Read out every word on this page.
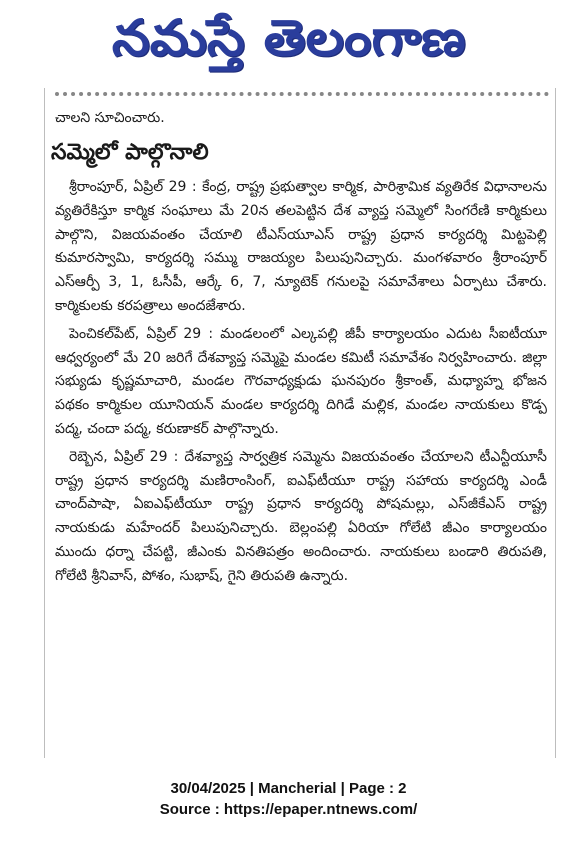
నమస్తే తెలంగాణ
చాలని సూచించారు.
సమ్మెలో పాల్గొనాలి

శ్రీరాంపూర్, ఏప్రిల్ 29 : కేంద్ర, రాష్ట్ర ప్రభుత్వాల కార్మిక, పారిశ్రామిక వ్యతిరేక విధానాలను వ్యతిరేకిస్తూ కార్మిక సంఘాలు మే 20న తలపెట్టిన దేశ వ్యాప్త సమ్మెలో సింగరేణి కార్మికులు పాల్గొని, విజయవంతం చేయాలి టీఎస్‌యూఎస్ రాష్ట్ర ప్రధాన కార్యదర్శి మిట్టపెల్లి కుమారస్వామి, కార్యదర్శి సమ్ము రాజయ్యల పిలుపునిచ్చారు. మంగళవారం శ్రీరాంపూర్ ఎస్ఆర్పీ 3, 1, ఓసీపీ, ఆర్కే 6, 7, న్యూటెక్ గనులపై సమావేశాలు ఏర్పాటు చేశారు. కార్మికులకు కరపత్రాలు అందజేశారు.

పెంచికల్‌పేట్, ఏప్రిల్ 29 : మండలంలో ఎల్కపల్లి జీపీ కార్యాలయం ఎదుట సీఐటీయూ ఆధ్వర్యంలో మే 20 జరిగే దేశవ్యాప్త సమ్మెపై మండల కమిటీ సమావేశం నిర్వహించారు. జిల్లా సభ్యుడు కృష్ణమాచారి, మండల గౌరవాధ్యక్షుడు ఘనపురం శ్రీకాంత్, మధ్యాహ్న భోజన పథకం కార్మికుల యూనియన్ మండల కార్యదర్శి దిగిడే మల్లిక, మండల నాయకులు కొడ్ప పద్మ, చందా పద్మ, కరుణాకర్ పాల్గొన్నారు.

రెబ్బెన, ఏప్రిల్ 29 : దేశవ్యాప్త సార్వత్రిక సమ్మెను విజయవంతం చేయాలని టీఎన్టీయూసీ రాష్ట్ర ప్రధాన కార్యదర్శి మణిరాంసింగ్, ఐఎఫ్‌టీయూ రాష్ట్ర సహాయ కార్యదర్శి ఎండీ చాంద్‌పాషా, ఏఐఎఫ్‌టీయూ రాష్ట్ర ప్రధాన కార్యదర్శి పోషమల్లు, ఎస్‌జీకేఎస్ రాష్ట్ర నాయకుడు మహేందర్ పిలుపునిచ్చారు. బెల్లంపల్లి ఏరియా గోలేటి జీఎం కార్యాలయం ముందు ధర్నా చేపట్టి, జీఎంకు వినతిపత్రం అందించారు. నాయకులు బండారి తిరుపతి, గోలేటి శ్రీనివాస్, పోశం, సుభాష్, గైని తిరుపతి ఉన్నారు.

30/04/2025 | Mancherial | Page : 2
Source : https://epaper.ntnews.com/
